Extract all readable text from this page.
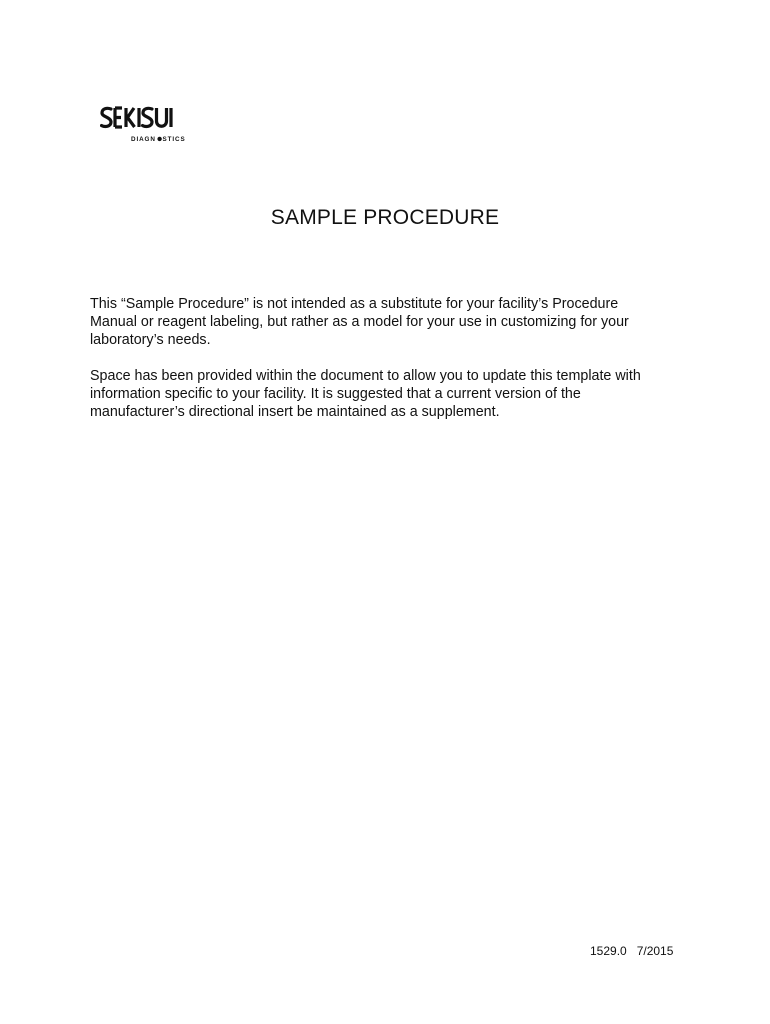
DIAGN STICS
SAMPLE PROCEDURE

This “Sample Procedure” is not intended as a substitute for your facility’s Procedure
Manual or reagent labeling, but rather as a model for your use in customizing for your
laboratory’s needs.

Space has been provided within the document to allow you to update this template with
information specific to your facility. It is suggested that a current version of the
manufacturer’s directional insert be maintained as a supplement.

1529.0   7/2015
